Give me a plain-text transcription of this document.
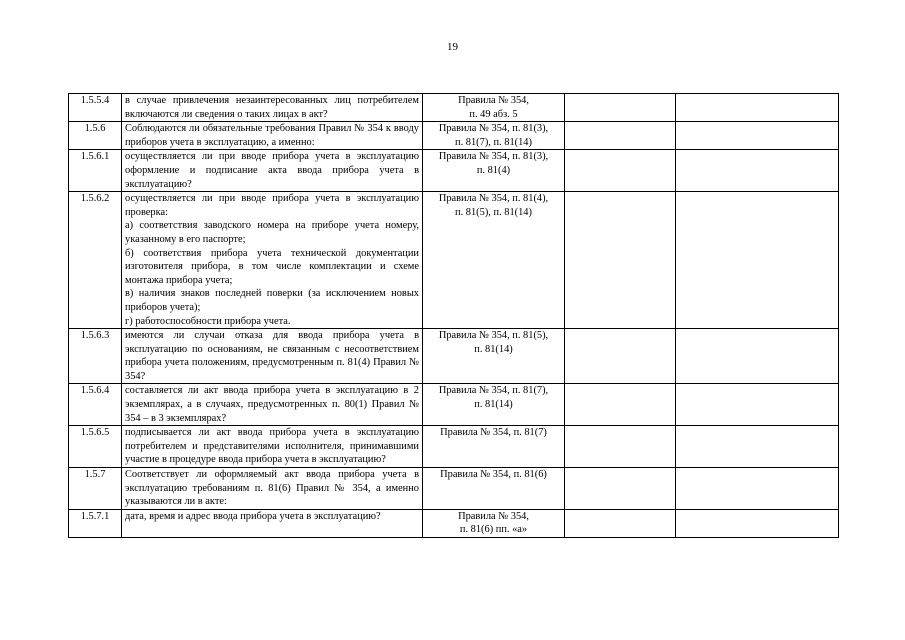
19
1.5.5.4	в случае привлечения незаинтересованных лиц потребителем включаются ли сведения о таких лицах в акт?	Правила № 354,
п. 49 абз. 5		

1.5.6	Соблюдаются ли обязательные требования Правил № 354 к вводу приборов учета в эксплуатацию, а именно:	Правила № 354, п. 81(3),
п. 81(7), п. 81(14)		

1.5.6.1	осуществляется ли при вводе прибора учета в эксплуатацию оформление и подписание акта ввода прибора учета в эксплуатацию?	Правила № 354, п. 81(3),
п. 81(4)		

1.5.6.2	осуществляется ли при вводе прибора учета в эксплуатацию проверка:
а) соответствия заводского номера на приборе учета номеру, указанному в его паспорте;
б) соответствия прибора учета технической документации изготовителя прибора, в том числе комплектации и схеме монтажа прибора учета;
в) наличия знаков последней поверки (за исключением новых приборов учета);
г) работоспособности прибора учета.	Правила № 354, п. 81(4),
п. 81(5), п. 81(14)		

1.5.6.3	имеются ли случаи отказа для ввода прибора учета в эксплуатацию по основаниям, не связанным с несоответствием прибора учета положениям, предусмотренным п. 81(4) Правил № 354?	Правила № 354, п. 81(5),
п. 81(14)		

1.5.6.4	составляется ли акт ввода прибора учета в эксплуатацию в 2 экземплярах, а в случаях, предусмотренных п. 80(1) Правил № 354 – в 3 экземплярах?	Правила № 354, п. 81(7),
п. 81(14)		

1.5.6.5	подписывается ли акт ввода прибора учета в эксплуатацию потребителем и представителями исполнителя, принимавшими участие в процедуре ввода прибора учета в эксплуатацию?	Правила № 354, п. 81(7)		

1.5.7	Соответствует ли оформляемый акт ввода прибора учета в эксплуатацию требованиям п. 81(6) Правил № 354, а именно указываются ли в акте:	Правила № 354, п. 81(6)		

1.5.7.1	дата, время и адрес ввода прибора учета в эксплуатацию?	Правила № 354,
п. 81(6) пп. «а»		
